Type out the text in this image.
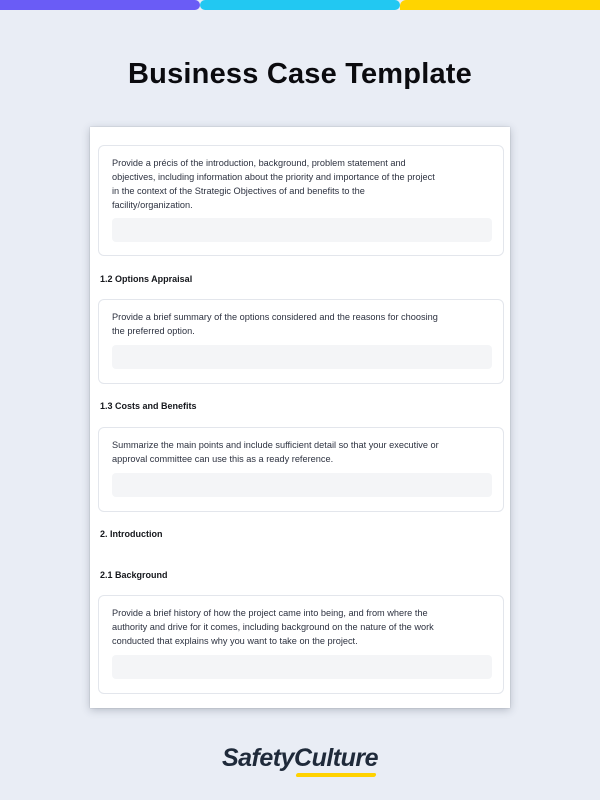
Business Case Template

Provide a précis of the introduction, background, problem statement and objectives, including information about the priority and importance of the project in the context of the Strategic Objectives of and benefits to the facility/organization.

1.2 Options Appraisal

Provide a brief summary of the options considered and the reasons for choosing the preferred option.

1.3 Costs and Benefits

Summarize the main points and include sufficient detail so that your executive or approval committee can use this as a ready reference.

2. Introduction
2.1 Background

Provide a brief history of how the project came into being, and from where the authority and drive for it comes, including background on the nature of the work conducted that explains why you want to take on the project.

SafetyCulture
